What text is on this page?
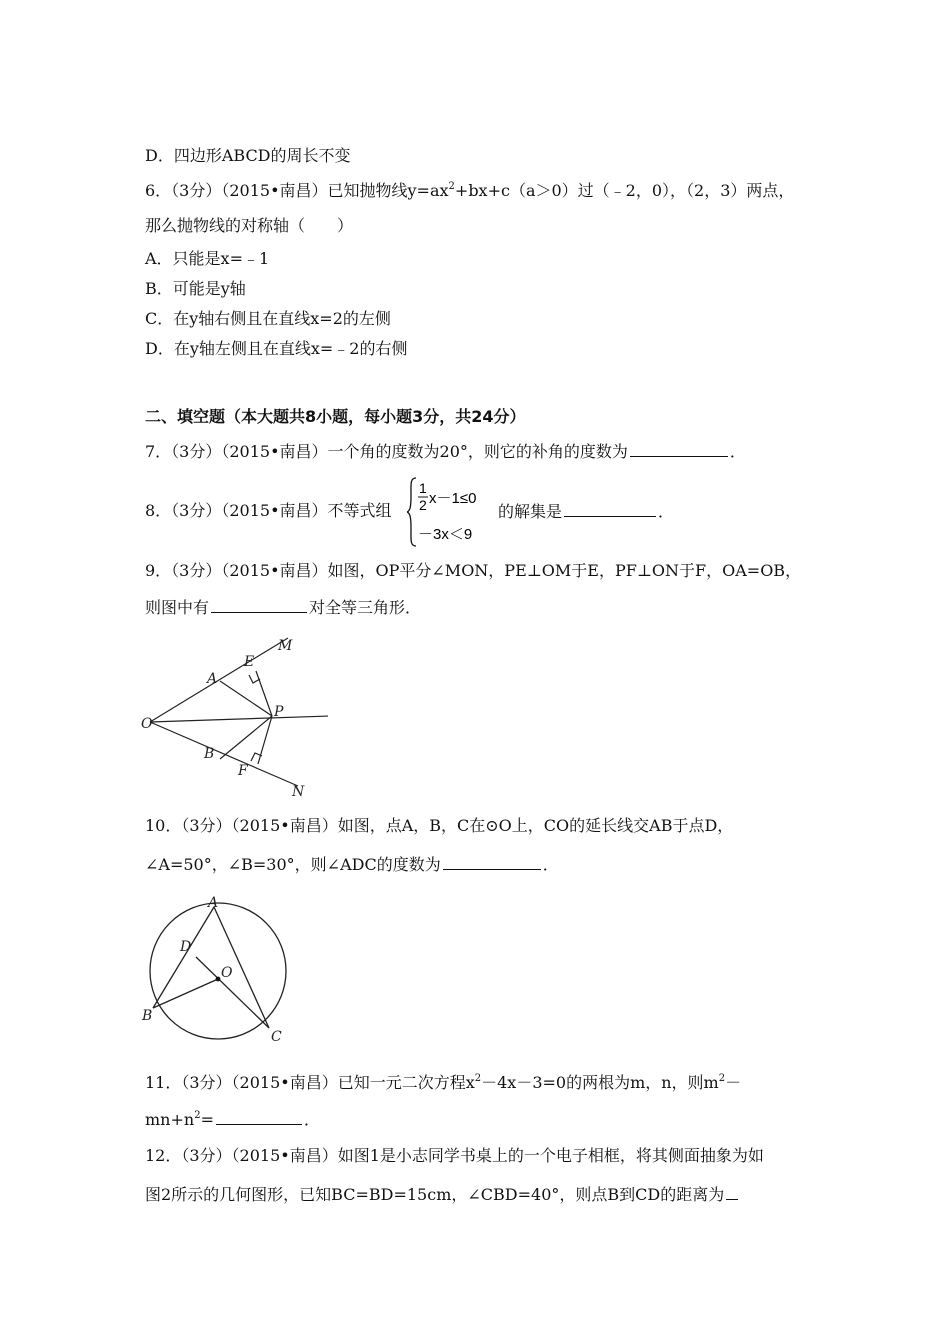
D．四边形ABCD的周长不变
6．（3分）（2015•南昌）已知抛物线$y=ax^2+bx+c(a>0)$过（﹣2，0），（2，3）两点，
那么抛物线的对称轴（　　）
A．只能是x=﹣1
B．可能是y轴
C．在y轴右侧且在直线x=2的左侧
D．在y轴左侧且在直线x=﹣2的右侧
二、填空题（本大题共8小题，每小题3分，共24分）
7．（3分）（2015•南昌）一个角的度数为20°，则它的补角的度数为	．
8．（3分）（2015•南昌）不等式组
1
2 x－1≤0
－3x＜9
的解集是	．
9．（3分）（2015•南昌）如图，OP平分∠MON，PE⊥OM于E，PF⊥ON于F，OA=OB，
则图中有	对全等三角形．
O
A
E
M
P
B
F
N
10．（3分）（2015•南昌）如图，点A，B，C在⊙O上，CO的延长线交AB于点D，
∠A=50°，∠B=30°，则∠ADC的度数为	．
A
D
O
B
C
11．（3分）（2015•南昌）已知一元二次方程$x^2-4x-3=0$的两根为m，n，则$m^2-$
$mn+n^2=$	．
12．（3分）（2015•南昌）如图1是小志同学书桌上的一个电子相框，将其侧面抽象为如
图2所示的几何图形，已知BC=BD=15cm，∠CBD=40°，则点B到CD的距离为
